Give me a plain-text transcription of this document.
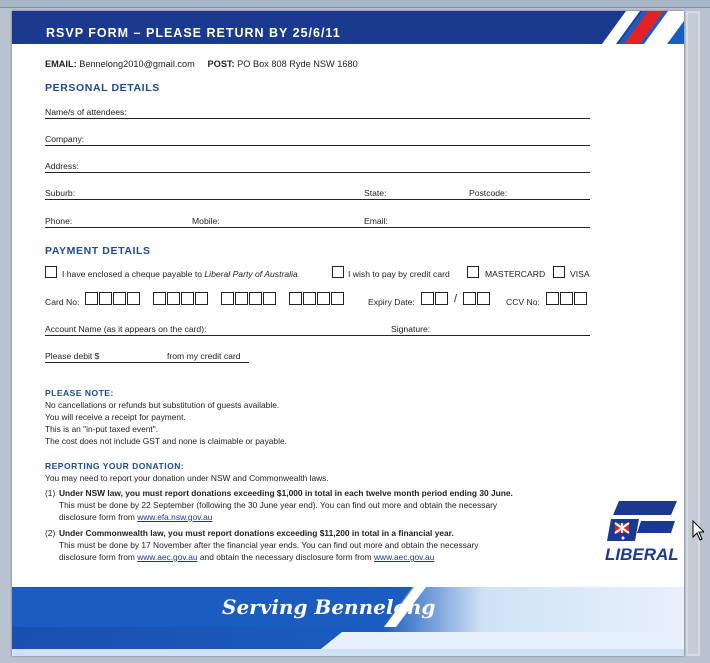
RSVP FORM – PLEASE RETURN BY 25/6/11
EMAIL: Bennelong2010@gmail.com POST: PO Box 808 Ryde NSW 1680
PERSONAL DETAILS
Name/s of attendees:
Company:
Address:
Suburb:	State:	Postcode:
Phone:	Mobile:	Email:
PAYMENT DETAILS
I have enclosed a cheque payable to Liberal Party of Australia	I wish to pay by credit card	MASTERCARD	VISA
Card No:	Expiry Date:	/	CCV No:
Account Name (as it appears on the card):	Signature:
Please debit $	from my credit card
PLEASE NOTE:
No cancellations or refunds but substitution of guests available.
You will receive a receipt for payment.
This is an "in-put taxed event".
The cost does not include GST and none is claimable or payable.
REPORTING YOUR DONATION:
You may need to report your donation under NSW and Commonwealth laws.
(1) Under NSW law, you must report donations exceeding $1,000 in total in each twelve month period ending 30 June.
This must be done by 22 September (following the 30 June year end). You can find out more and obtain the necessary
disclosure form from www.efa.nsw.gov.au
(2) Under Commonwealth law, you must report donations exceeding $11,200 in total in a financial year.
This must be done by 17 November after the financial year ends. You can find out more and obtain the necessary
disclosure form from www.aec.gov.au and obtain the necessary disclosure form from www.aec.gov.au	LIBERAL
Serving Bennelong
